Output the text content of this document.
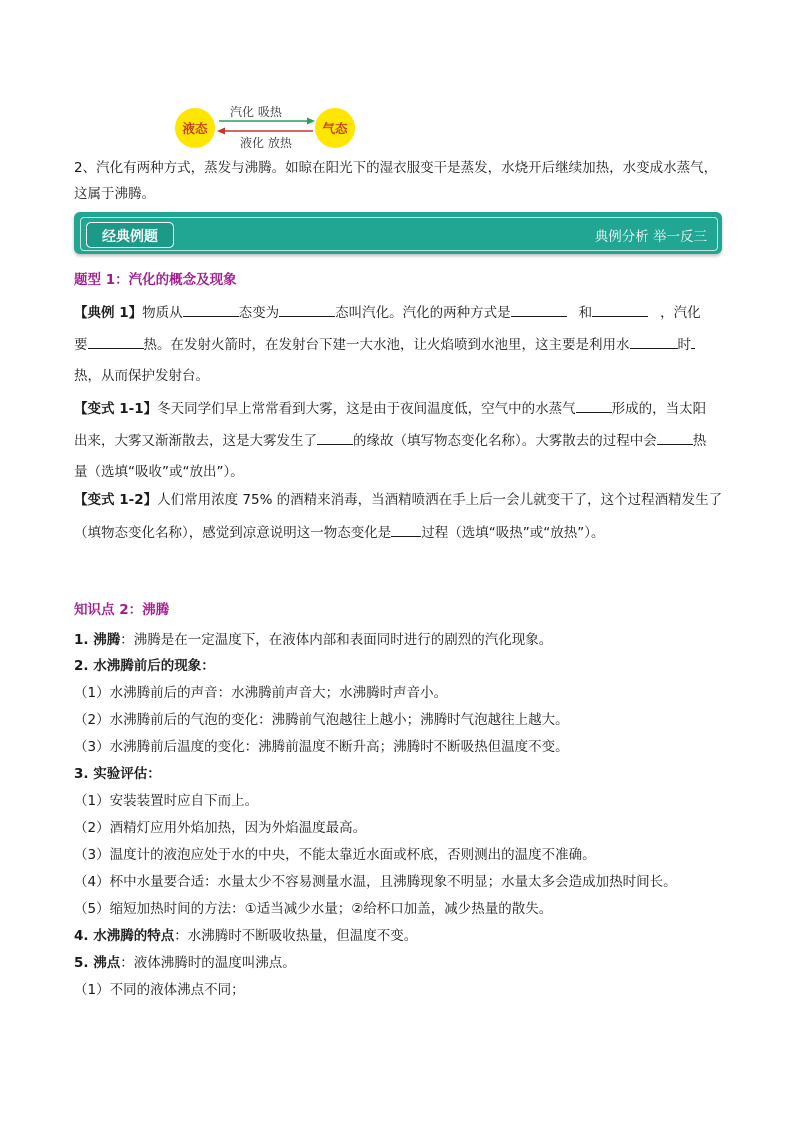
液态	气态
汽化 吸热
液化 放热
2、汽化有两种方式，蒸发与沸腾。如晾在阳光下的湿衣服变干是蒸发，水烧开后继续加热，水变成水蒸气，
这属于沸腾。
经典例题	典例分析 举一反三
题型 1：汽化的概念及现象
【典例 1】物质从	态变为	态叫汽化。汽化的两种方式是	和	，汽化
要	热。在发射火箭时，在发射台下建一大水池，让火焰喷到水池里，这主要是利用水	时
热，从而保护发射台。
【变式 1-1】冬天同学们早上常常看到大雾，这是由于夜间温度低，空气中的水蒸气	形成的，当太阳
出来，大雾又渐渐散去，这是大雾发生了	的缘故（填写物态变化名称）。大雾散去的过程中会	热
量（选填“吸收”或“放出”）。
【变式 1-2】人们常用浓度 75% 的酒精来消毒，当酒精喷洒在手上后一会儿就变干了，这个过程酒精发生了
（填物态变化名称），感觉到凉意说明这一物态变化是 过程（选填“吸热”或“放热”）。
知识点 2：沸腾
1. 沸腾：沸腾是在一定温度下，在液体内部和表面同时进行的剧烈的汽化现象。
2. 水沸腾前后的现象：
（1）水沸腾前后的声音：水沸腾前声音大；水沸腾时声音小。
（2）水沸腾前后的气泡的变化：沸腾前气泡越往上越小；沸腾时气泡越往上越大。
（3）水沸腾前后温度的变化：沸腾前温度不断升高；沸腾时不断吸热但温度不变。
3. 实验评估：
（1）安装装置时应自下而上。
（2）酒精灯应用外焰加热，因为外焰温度最高。
（3）温度计的液泡应处于水的中央，不能太靠近水面或杯底，否则测出的温度不准确。
（4）杯中水量要合适：水量太少不容易测量水温，且沸腾现象不明显；水量太多会造成加热时间长。
（5）缩短加热时间的方法：①适当减少水量；②给杯口加盖，减少热量的散失。
4. 水沸腾的特点：水沸腾时不断吸收热量，但温度不变。
5. 沸点：液体沸腾时的温度叫沸点。
（1）不同的液体沸点不同；
